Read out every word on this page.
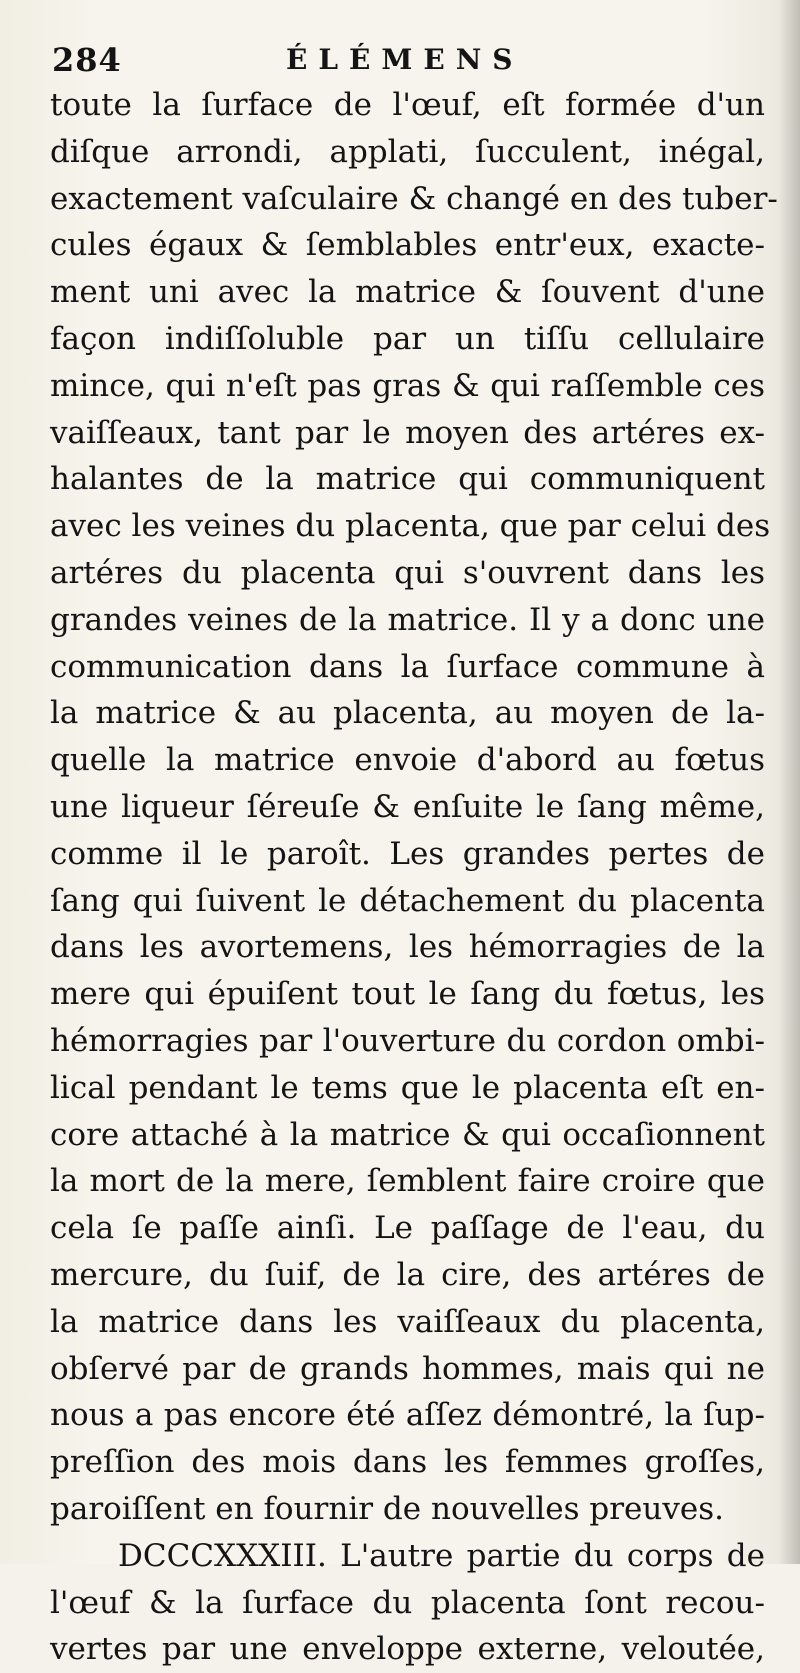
284	ÉLÉMENS
toute la ſurface de l'œuf, eſt formée d'un
diſque arrondi, applati, ſucculent, inégal,
exactement vaſculaire & changé en des tuber-
cules égaux & ſemblables entr'eux, exacte-
ment uni avec la matrice & ſouvent d'une
façon indiſſoluble par un tiſſu cellulaire
mince, qui n'eſt pas gras & qui raſſemble ces
vaiſſeaux, tant par le moyen des artéres ex-
halantes de la matrice qui communiquent
avec les veines du placenta, que par celui des
artéres du placenta qui s'ouvrent dans les
grandes veines de la matrice. Il y a donc une
communication dans la ſurface commune à
la matrice & au placenta, au moyen de la-
quelle la matrice envoie d'abord au fœtus
une liqueur ſéreuſe & enſuite le ſang même,
comme il le paroît. Les grandes pertes de
ſang qui ſuivent le détachement du placenta
dans les avortemens, les hémorragies de la
mere qui épuiſent tout le ſang du fœtus, les
hémorragies par l'ouverture du cordon ombi-
lical pendant le tems que le placenta eſt en-
core attaché à la matrice & qui occaſionnent
la mort de la mere, ſemblent faire croire que
cela ſe paſſe ainſi. Le paſſage de l'eau, du
mercure, du ſuif, de la cire, des artéres de
la matrice dans les vaiſſeaux du placenta,
obſervé par de grands hommes, mais qui ne
nous a pas encore été aſſez démontré, la ſup-
preſſion des mois dans les femmes groſſes,
paroiſſent en fournir de nouvelles preuves.
DCCCXXXIII. L'autre partie du corps de
l'œuf & la ſurface du placenta ſont recou-
vertes par une enveloppe externe, veloutée,
